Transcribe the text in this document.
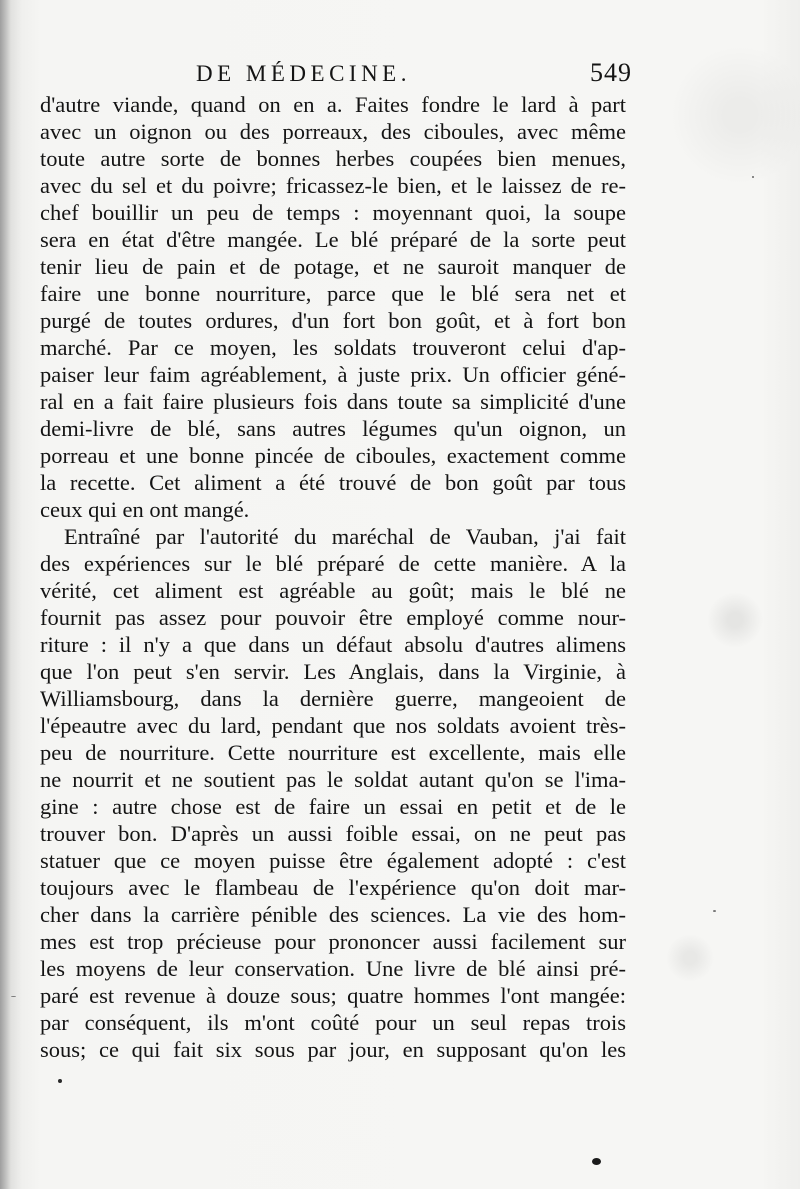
DE MÉDECINE.	549
d'autre viande, quand on en a. Faites fondre le lard à part
avec un oignon ou des porreaux, des ciboules, avec même
toute autre sorte de bonnes herbes coupées bien menues,
avec du sel et du poivre; fricassez-le bien, et le laissez de re-
chef bouillir un peu de temps : moyennant quoi, la soupe
sera en état d'être mangée. Le blé préparé de la sorte peut
tenir lieu de pain et de potage, et ne sauroit manquer de
faire une bonne nourriture, parce que le blé sera net et
purgé de toutes ordures, d'un fort bon goût, et à fort bon
marché. Par ce moyen, les soldats trouveront celui d'ap-
paiser leur faim agréablement, à juste prix. Un officier géné-
ral en a fait faire plusieurs fois dans toute sa simplicité d'une
demi-livre de blé, sans autres légumes qu'un oignon, un
porreau et une bonne pincée de ciboules, exactement comme
la recette. Cet aliment a été trouvé de bon goût par tous
ceux qui en ont mangé.
Entraîné par l'autorité du maréchal de Vauban, j'ai fait
des expériences sur le blé préparé de cette manière. A la
vérité, cet aliment est agréable au goût; mais le blé ne
fournit pas assez pour pouvoir être employé comme nour-
riture : il n'y a que dans un défaut absolu d'autres alimens
que l'on peut s'en servir. Les Anglais, dans la Virginie, à
Williamsbourg, dans la dernière guerre, mangeoient de
l'épeautre avec du lard, pendant que nos soldats avoient très-
peu de nourriture. Cette nourriture est excellente, mais elle
ne nourrit et ne soutient pas le soldat autant qu'on se l'ima-
gine : autre chose est de faire un essai en petit et de le
trouver bon. D'après un aussi foible essai, on ne peut pas
statuer que ce moyen puisse être également adopté : c'est
toujours avec le flambeau de l'expérience qu'on doit mar-
cher dans la carrière pénible des sciences. La vie des hom-
mes est trop précieuse pour prononcer aussi facilement sur
les moyens de leur conservation. Une livre de blé ainsi pré-
paré est revenue à douze sous; quatre hommes l'ont mangée:
par conséquent, ils m'ont coûté pour un seul repas trois
sous; ce qui fait six sous par jour, en supposant qu'on les
